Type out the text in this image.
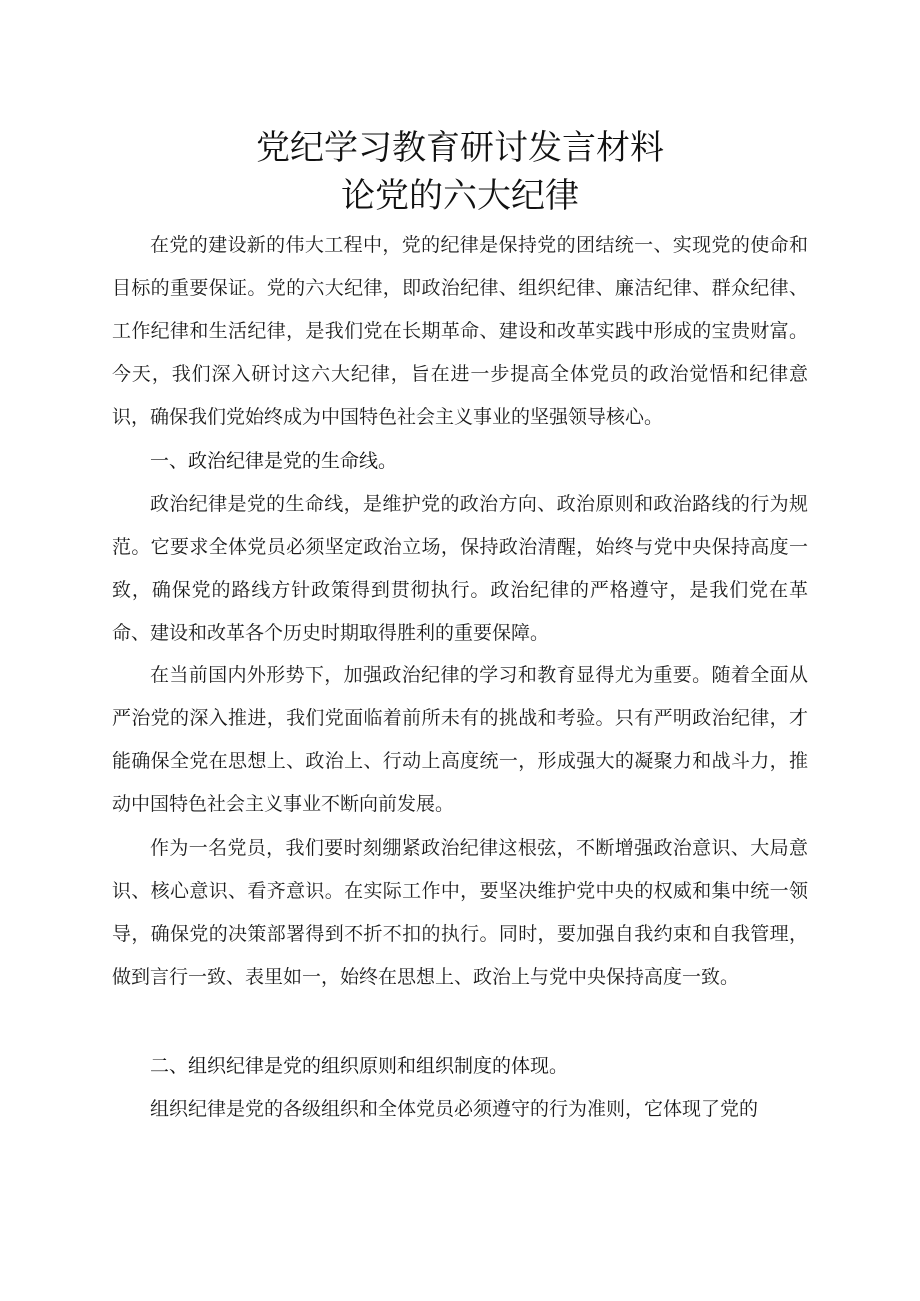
党纪学习教育研讨发言材料
论党的六大纪律

在党的建设新的伟大工程中，党的纪律是保持党的团结统一、实现党的使命和目标的重要保证。党的六大纪律，即政治纪律、组织纪律、廉洁纪律、群众纪律、工作纪律和生活纪律，是我们党在长期革命、建设和改革实践中形成的宝贵财富。今天，我们深入研讨这六大纪律，旨在进一步提高全体党员的政治觉悟和纪律意识，确保我们党始终成为中国特色社会主义事业的坚强领导核心。

一、政治纪律是党的生命线。

政治纪律是党的生命线，是维护党的政治方向、政治原则和政治路线的行为规范。它要求全体党员必须坚定政治立场，保持政治清醒，始终与党中央保持高度一致，确保党的路线方针政策得到贯彻执行。政治纪律的严格遵守，是我们党在革命、建设和改革各个历史时期取得胜利的重要保障。

在当前国内外形势下，加强政治纪律的学习和教育显得尤为重要。随着全面从严治党的深入推进，我们党面临着前所未有的挑战和考验。只有严明政治纪律，才能确保全党在思想上、政治上、行动上高度统一，形成强大的凝聚力和战斗力，推动中国特色社会主义事业不断向前发展。

作为一名党员，我们要时刻绷紧政治纪律这根弦，不断增强政治意识、大局意识、核心意识、看齐意识。在实际工作中，要坚决维护党中央的权威和集中统一领导，确保党的决策部署得到不折不扣的执行。同时，要加强自我约束和自我管理，做到言行一致、表里如一，始终在思想上、政治上与党中央保持高度一致。

二、组织纪律是党的组织原则和组织制度的体现。

组织纪律是党的各级组织和全体党员必须遵守的行为准则，它体现了党的
